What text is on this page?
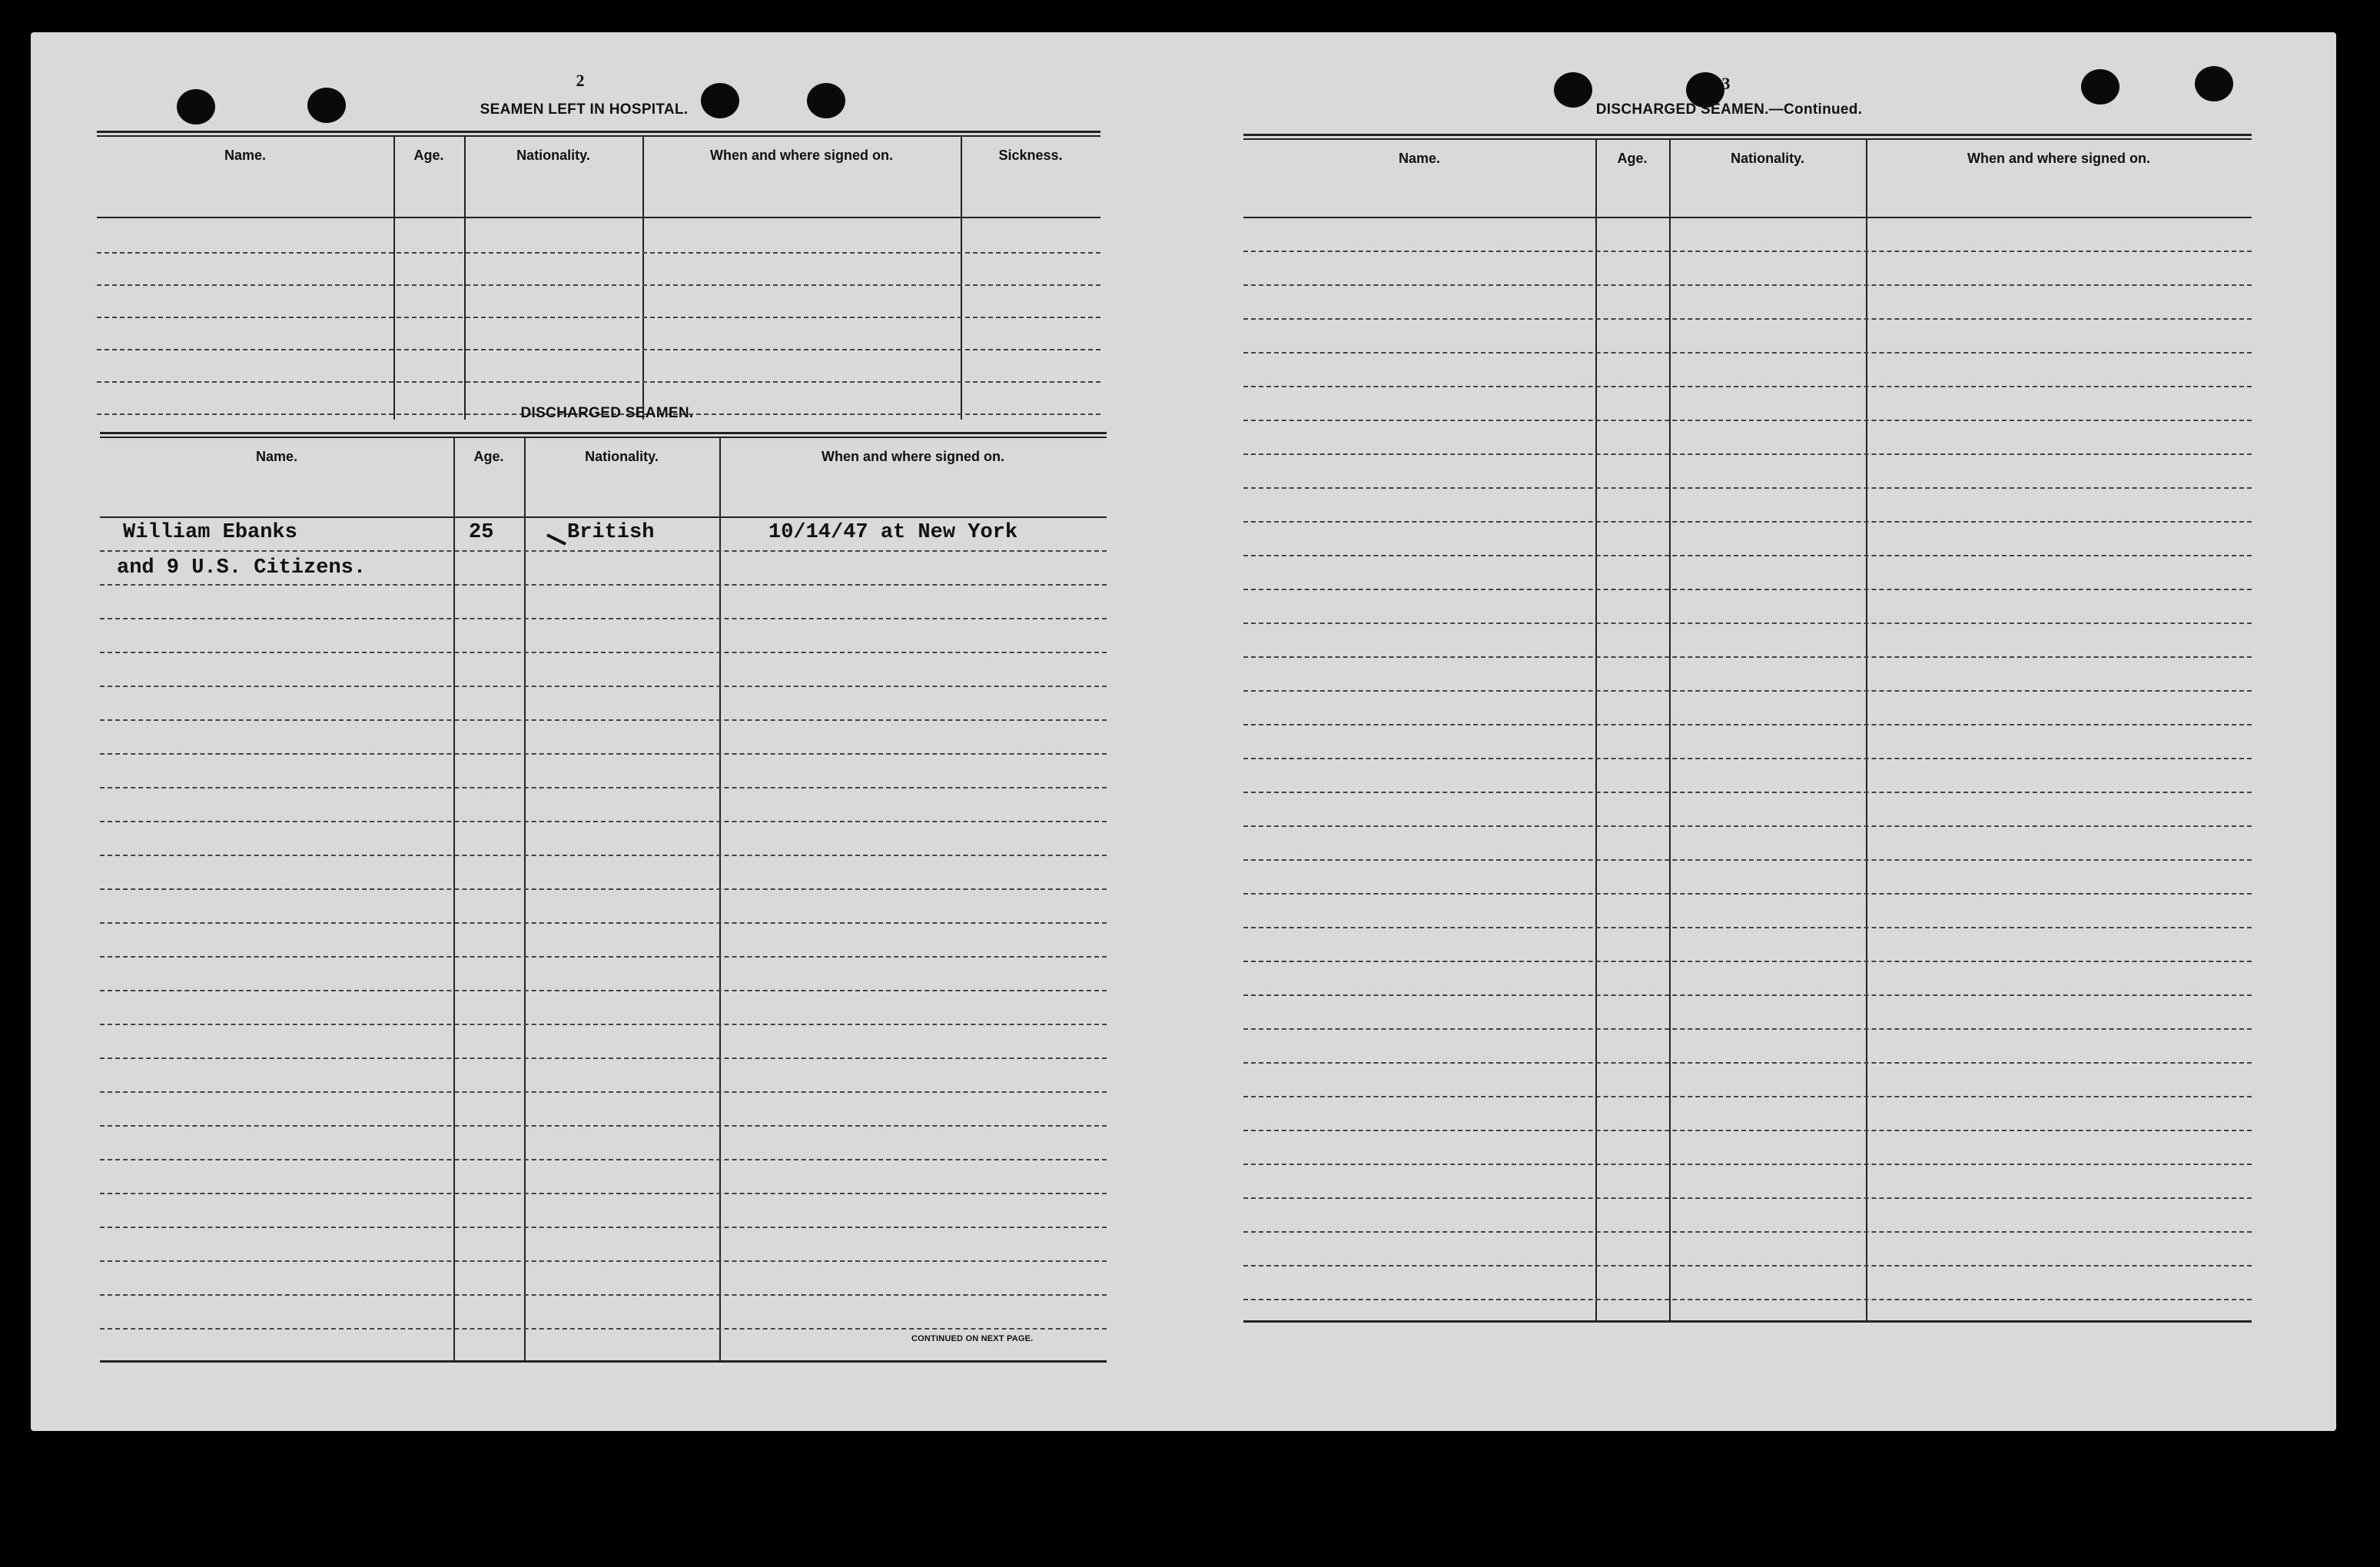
2
SEAMEN LEFT IN HOSPITAL.
Name.	Age.	Nationality.	When and where signed on.	Sickness.
DISCHARGED SEAMEN.
Name.	Age.	Nationality.	When and where signed on.
William Ebanks	25	British	10/14/47 at New York
and 9 U.S. Citizens.
CONTINUED ON NEXT PAGE.
3
DISCHARGED SEAMEN.—Continued.
Name.	Age.	Nationality.	When and where signed on.
